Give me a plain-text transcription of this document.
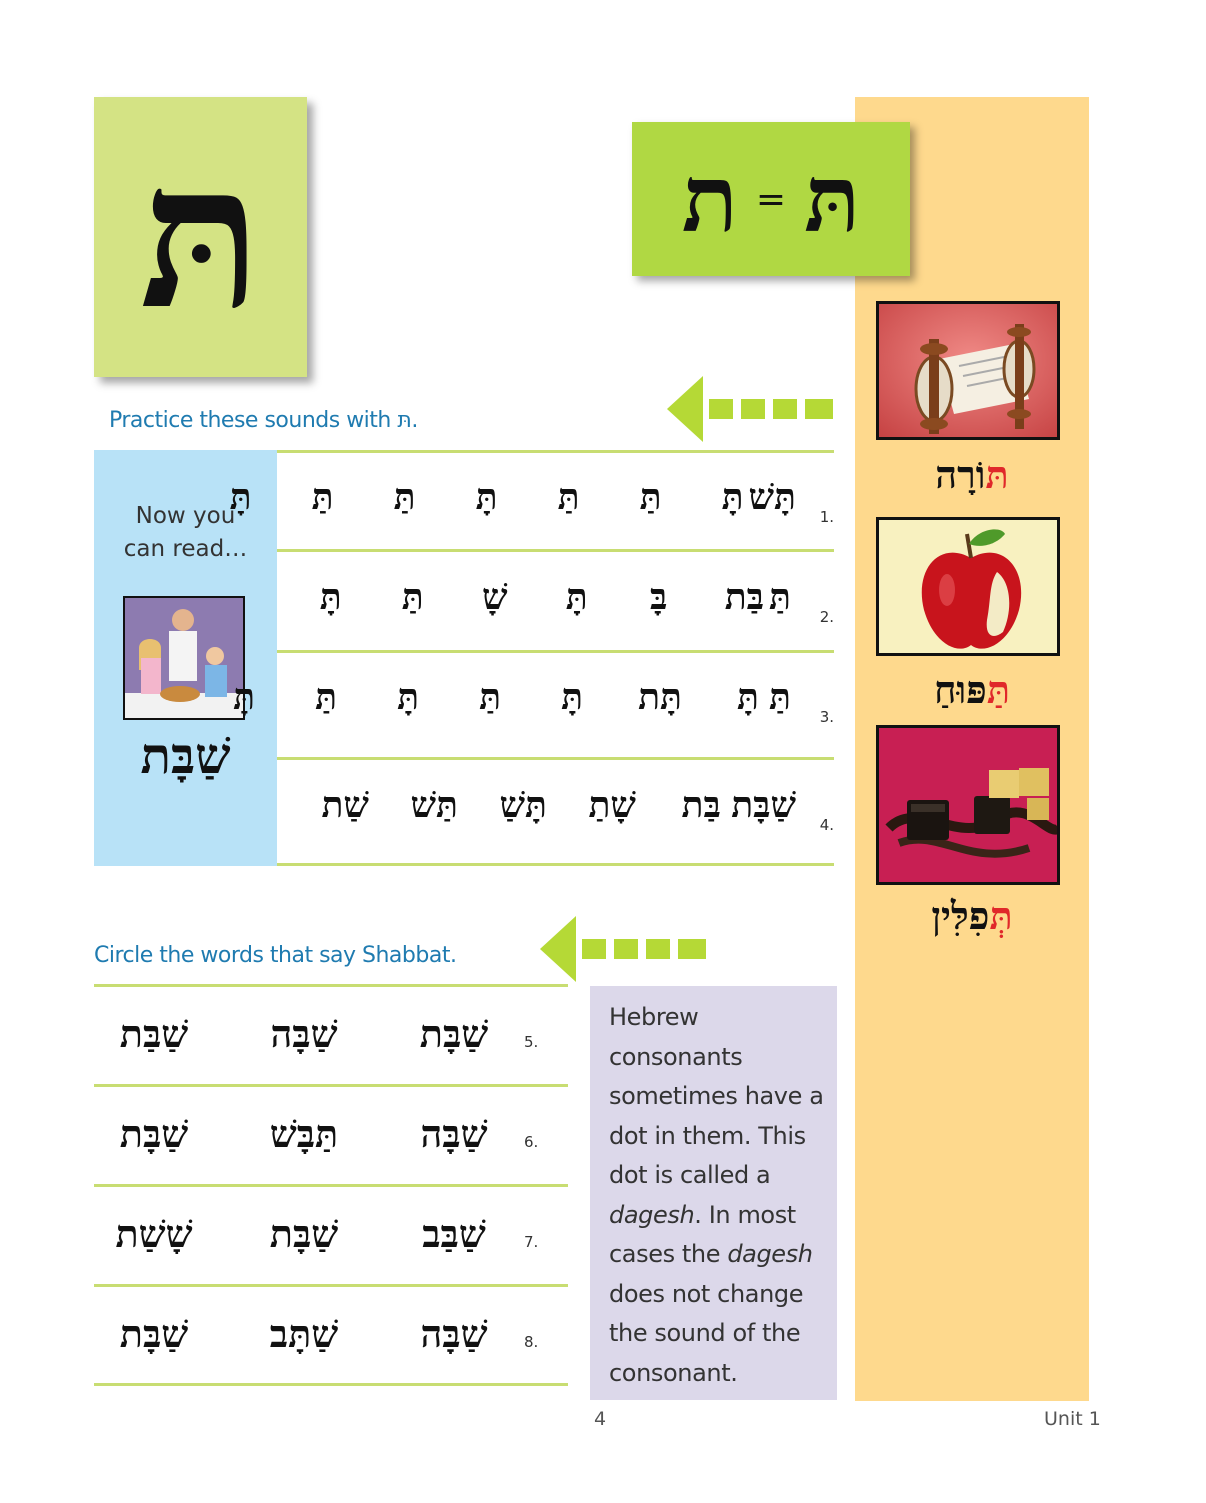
תּ
תּוֹרָה
תַּפּוּחַ
תְּפִלִּין
ת = תּ
Practice these sounds with תּ.
Now you
can read…
שַׁבָּת
1.
תָּ תַּ תַּ תָּ תַּ תַּ תָּ תָּשׁ
2.
תָּ תַּ שָׁ תָּ בָּ בַּת תַּ
3.
תָּ תַּ תָּ תַּ תָּ תָּת תָּ תַּ
4.
שַׁת תַּשׁ תָּשַׁ שָׁתַ בַּת שַׁבָּת
Circle the words that say Shabbat.
5.
שַׁבָּת
שַׁבָּה
שַׁבַּת
6.
שַׁבָּה
תַּבָּשׁ
שַׁבָּת
7.
שַׁבַּב
שַׁבָּת
שָׁשַׁת
8.
שַׁבָּה
שַׁתָּב
שַׁבָּת

Hebrew consonants sometimes have a dot in them. This dot is called a dagesh. In most cases the dagesh does not change the sound of the consonant.

4	Unit 1
